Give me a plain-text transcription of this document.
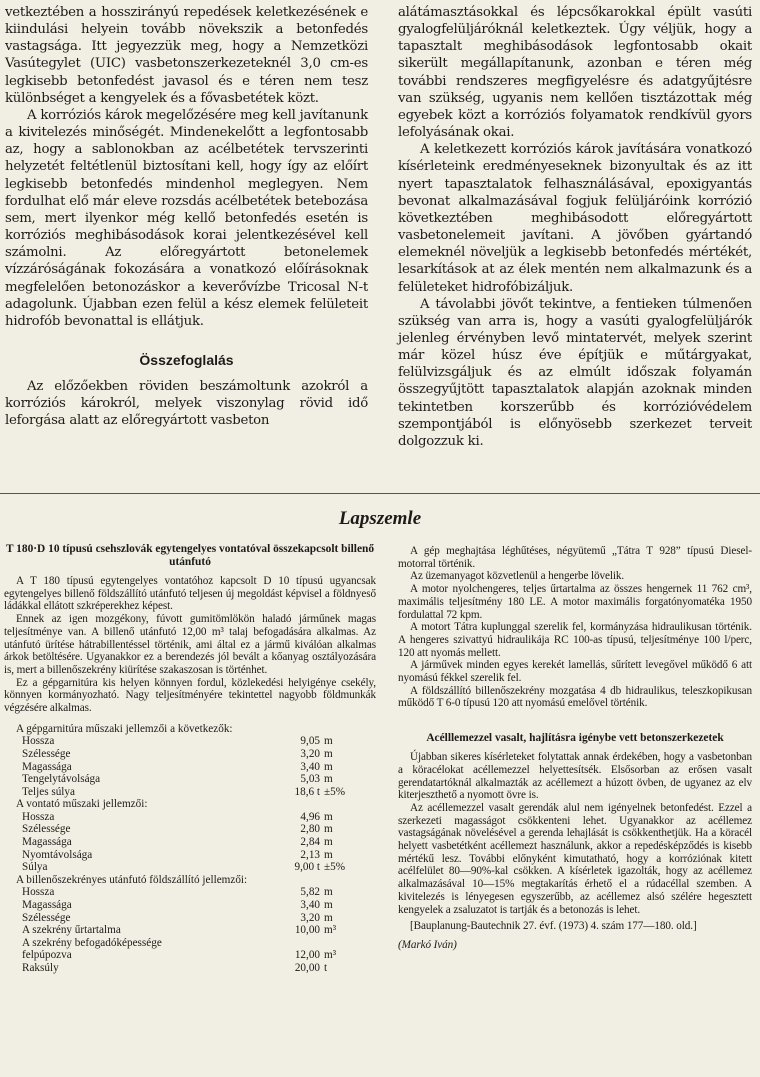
vetkeztében a hosszirányú repedések keletkezésének e kiindulási helyein tovább növekszik a betonfedés vastagsága. Itt jegyezzük meg, hogy a Nemzetközi Vasútegylet (UIC) vasbetonszerkezeteknél 3,0 cm-es legkisebb betonfedést javasol és e téren nem tesz különbséget a kengyelek és a fővasbetétek közt.

A korróziós károk megelőzésére meg kell javítanunk a kivitelezés minőségét. Mindenekelőtt a legfontosabb az, hogy a sablonokban az acélbetétek tervszerinti helyzetét feltétlenül biztosítani kell, hogy így az előírt legkisebb betonfedés mindenhol meglegyen. Nem fordulhat elő már eleve rozsdás acélbetétek betebozása sem, mert ilyenkor még kellő betonfedés esetén is korróziós meghibásodások korai jelentkezésével kell számolni. Az előregyártott betonelemek vízzáróságának fokozására a vonatkozó előírásoknak megfelelően betonozáskor a keverővízbe Tricosal N-t adagolunk. Újabban ezen felül a kész elemek felületeit hidrofób bevonattal is ellátjuk.

Összefoglalás

Az előzőekben röviden beszámoltunk azokról a korróziós károkról, melyek viszonylag rövid idő leforgása alatt az előregyártott vasbeton

alátámasztásokkal és lépcsőkarokkal épült vasúti gyalogfelüljáróknál keletkeztek. Úgy véljük, hogy a tapasztalt meghibásodások legfontosabb okait sikerült megállapítanunk, azonban e téren még további rendszeres megfigyelésre és adatgyűjtésre van szükség, ugyanis nem kellően tisztázottak még egyebek közt a korróziós folyamatok rendkívül gyors lefolyásának okai.

A keletkezett korróziós károk javítására vonatkozó kísérleteink eredményeseknek bizonyultak és az itt nyert tapasztalatok felhasználásával, epoxigyantás bevonat alkalmazásával fogjuk felüljáróink korrózió következtében meghibásodott előregyártott vasbetonelemeit javítani. A jövőben gyártandó elemeknél növeljük a legkisebb betonfedés mértékét, lesarkítások at az élek mentén nem alkalmazunk és a felületeket hidrofóbizáljuk.

A távolabbi jövőt tekintve, a fentieken túlmenően szükség van arra is, hogy a vasúti gyalogfelüljárók jelenleg érvényben levő mintatervét, melyek szerint már közel húsz éve építjük e műtárgyakat, felülvizsgáljuk és az elmúlt időszak folyamán összegyűjtött tapasztalatok alapján azoknak minden tekintetben korszerűbb és korrózióvédelem szempontjából is előnyösebb szerkezet terveit dolgozzuk ki.

Lapszemle
T 180·D 10 típusú csehszlovák egytengelyes vontatóval összekapcsolt billenő utánfutó

A T 180 típusú egytengelyes vontatóhoz kapcsolt D 10 típusú ugyancsak egytengelyes billenő földszállító utánfutó teljesen új megoldást képvisel a földnyeső ládákkal ellátott szkréperekhez képest.

Ennek az igen mozgékony, fúvott gumitömlökön haladó járműnek magas teljesítménye van. A billenő utánfutó 12,00 m³ talaj befogadására alkalmas. Az utánfutó ürítése hátrabillentéssel történik, ami által ez a jármű kiválóan alkalmas árkok betöltésére. Ugyanakkor ez a berendezés jól bevált a kőanyag osztályozására is, mert a billenőszekrény kiürítése szakaszosan is történhet.

Ez a gépgarnitúra kis helyen könnyen fordul, közlekedési helyigénye csekély, könnyen kormányozható. Nagy teljesítményére tekintettel nagyobb földmunkák végzésére alkalmas.

A gépgarnitúra műszaki jellemzői a következők:		
Hossza	9,05	m
Szélessége	3,20	m
Magassága	3,40	m
Tengelytávolsága	5,03	m
Teljes súlya	18,6 t	±5%
A vontató műszaki jellemzői:		
Hossza	4,96	m
Szélessége	2,80	m
Magassága	2,84	m
Nyomtávolsága	2,13	m
Súlya	9,00 t	±5%
A billenőszekrényes utánfutó földszállító jellemzői:		
Hossza	5,82	m
Magassága	3,40	m
Szélessége	3,20	m
A szekrény űrtartalma	10,00	m³
A szekrény befogadóképessége		
felpúpozva	12,00	m³
Raksúly	20,00	t

A gép meghajtása léghűtéses, négyütemű „Tátra T 928” típusú Diesel-motorral történik.

Az üzemanyagot közvetlenül a hengerbe lövelik.

A motor nyolchengeres, teljes űrtartalma az összes hengernek 11 762 cm³, maximális teljesítmény 180 LE. A motor maximális forgatónyomatéka 1950 fordulattal 72 kpm.

A motort Tátra kuplunggal szerelik fel, kormányzása hidraulikusan történik. A hengeres szivattyú hidraulikája RC 100-as típusú, teljesítménye 100 l/perc, 120 att nyomás mellett.

A járművek minden egyes kerekét lamellás, sűrített levegővel működő 6 att nyomású fékkel szerelik fel.

A földszállító billenőszekrény mozgatása 4 db hidraulikus, teleszkopikusan működő T 6-0 típusú 120 att nyomású emelővel történik.

Acélllemezzel vasalt, hajlításra igénybe vett betonszerkezetek

Újabban sikeres kísérleteket folytattak annak érdekében, hogy a vasbetonban a köracélokat acéllemezzel helyettesítsék. Elsősorban az erősen vasalt gerendatartóknál alkalmazták az acéllemezt a húzott övben, de ugyanez az elv kiterjeszthető a nyomott övre is.

Az acéllemezzel vasalt gerendák alul nem igényelnek betonfedést. Ezzel a szerkezeti magasságot csökkenteni lehet. Ugyanakkor az acéllemez vastagságának növelésével a gerenda lehajlását is csökkenthetjük. Ha a köracél helyett vasbetétként acéllemezt használunk, akkor a repedésképződés is kisebb mértékű lesz. További előnyként kimutatható, hogy a korróziónak kitett acélfelület 80—90%-kal csökken. A kísérletek igazolták, hogy az acéllemez alkalmazásával 10—15% megtakarítás érhető el a rúdacéllal szemben. A kivitelezés is lényegesen egyszerűbb, az acéllemez alsó szélére hegesztett kengyelek a zsaluzatot is tartják és a betonozás is lehet.

[Bauplanung-Bautechnik 27. évf. (1973) 4. szám 177—180. old.]

(Markó Iván)
